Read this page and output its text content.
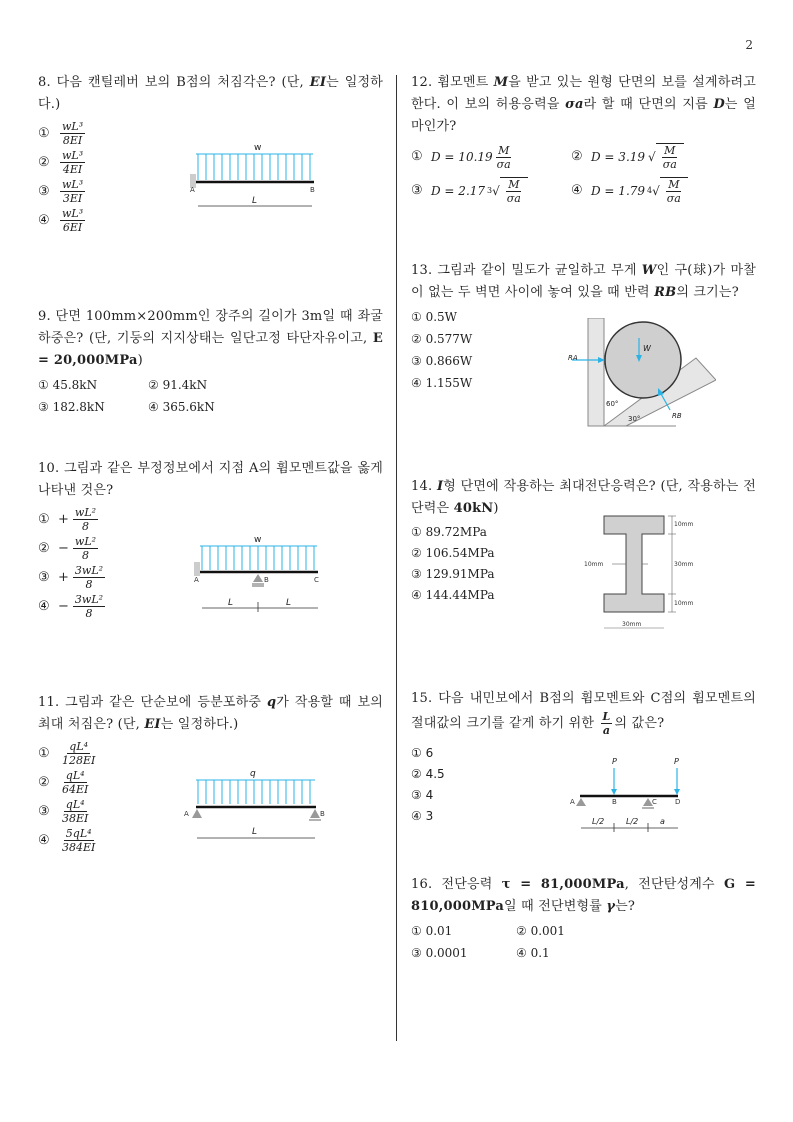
2
8. 다음 캔틸레버 보의 B점의 처짐각은? (단, EI는 일정하다.)
① $\frac{\text{wL³}}{8EI}$
② $\frac{\text{wL³}}{4EI}$
③ $\frac{\text{wL³}}{3EI}$
④ $\frac{\text{wL³}}{6EI}$
w
A	B
L
9. 단면 100mm×200mm인 장주의 길이가 3m일 때 좌굴하중은? (단, 기둥의 지지상태는 일단고정 타단자유이고, E = 20,000MPa)
① 45.8kN	② 91.4kN
③ 182.8kN	④ 365.6kN
10. 그림과 같은 부정정보에서 지점 A의 휨모멘트값을 옳게 나타낸 것은?
① + $\frac{\text{wL²}}{8}$
② − $\frac{\text{wL²}}{8}$
③ + $\frac{\text{3wL²}}{8}$
④ − $\frac{\text{3wL²}}{8}$
w
A	B	C
L	L
11. 그림과 같은 단순보에 등분포하중 q가 작용할 때 보의 최대 처짐은? (단, EI는 일정하다.)
① $\frac{\text{qL⁴}}{128EI}$
② $\frac{\text{qL⁴}}{64EI}$
③ $\frac{\text{qL⁴}}{38EI}$
④ $\frac{\text{5qL⁴}}{384EI}$
q
A	B
L
12. 휨모멘트 M을 받고 있는 원형 단면의 보를 설계하려고 한다. 이 보의 허용응력을 σa라 할 때 단면의 지름 D는 얼마인가?
① $D = 10.19 \frac{M}{\sigma a}$	② D = 3.19 √ $\frac{M}{\sigma a}$
③ D = 2.17 3 √ $\frac{M}{\sigma a}$	④ D = 1.79 4 √ $\frac{M}{\sigma a}$
13. 그림과 같이 밀도가 균일하고 무게 W인 구(球)가 마찰이 없는 두 벽면 사이에 놓여 있을 때 반력 RB의 크기는?
① 0.5W
② 0.577W
③ 0.866W
④ 1.155W
W
RA
RB
60°
30°
14. I형 단면에 작용하는 최대전단응력은? (단, 작용하는 전단력은 40kN)
① 89.72MPa
② 106.54MPa
③ 129.91MPa
④ 144.44MPa
10mm
30mm
10mm
10mm
30mm
15. 다음 내민보에서 B점의 휨모멘트와 C점의 휨모멘트의 절대값의 크기를 같게 하기 위한 $\frac{L}{a}$ 의 값은?
① 6
② 4.5
③ 4
④ 3
P	P
A	B	C	D
L/2	L/2	a
16. 전단응력 τ = 81,000MPa, 전단탄성계수 G = 810,000MPa일 때 전단변형률 γ는?
① 0.01	② 0.001
③ 0.0001	④ 0.1
